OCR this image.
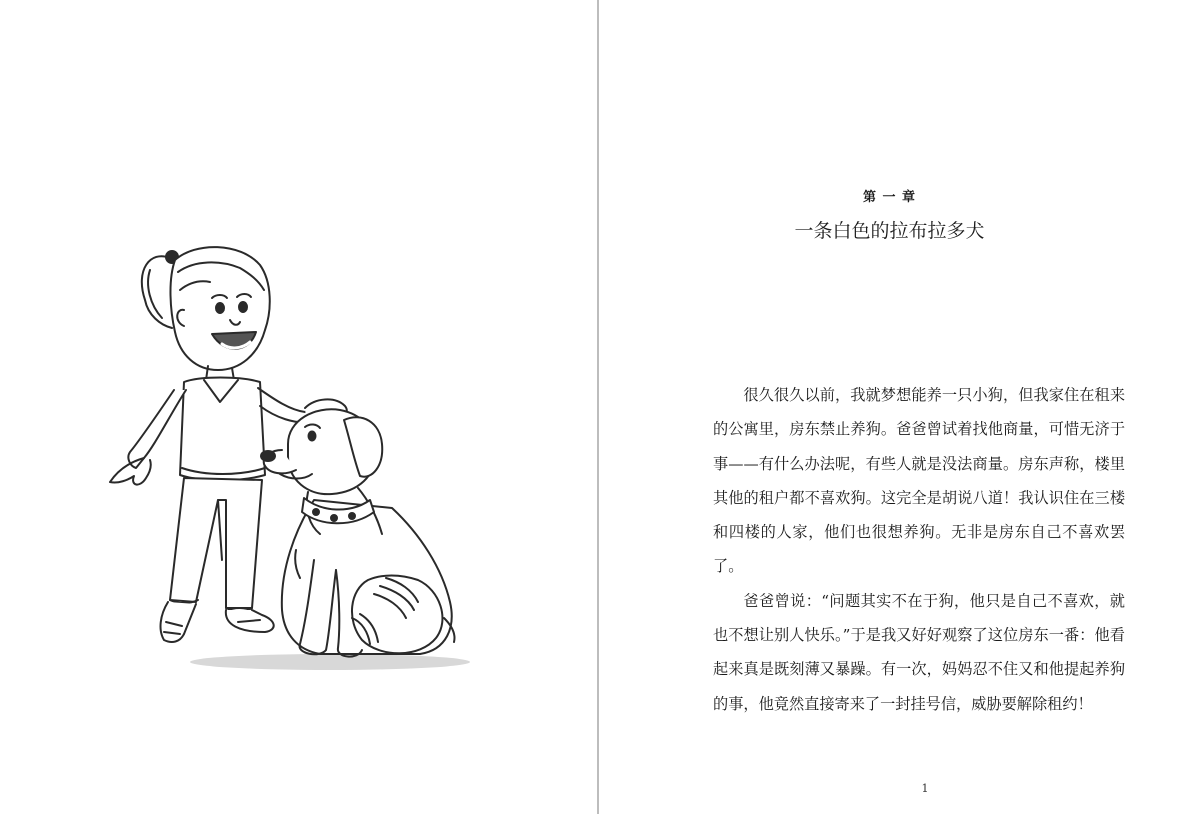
第 一 章
一条白色的拉布拉多犬

很久很久以前，我就梦想能养一只小狗，但我家住在租来的公寓里，房东禁止养狗。爸爸曾试着找他商量，可惜无济于事——有什么办法呢，有些人就是没法商量。房东声称，楼里其他的租户都不喜欢狗。这完全是胡说八道！我认识住在三楼和四楼的人家，他们也很想养狗。无非是房东自己不喜欢罢了。

爸爸曾说：“问题其实不在于狗，他只是自己不喜欢，就也不想让别人快乐。”于是我又好好观察了这位房东一番：他看起来真是既刻薄又暴躁。有一次，妈妈忍不住又和他提起养狗的事，他竟然直接寄来了一封挂号信，威胁要解除租约！

1
